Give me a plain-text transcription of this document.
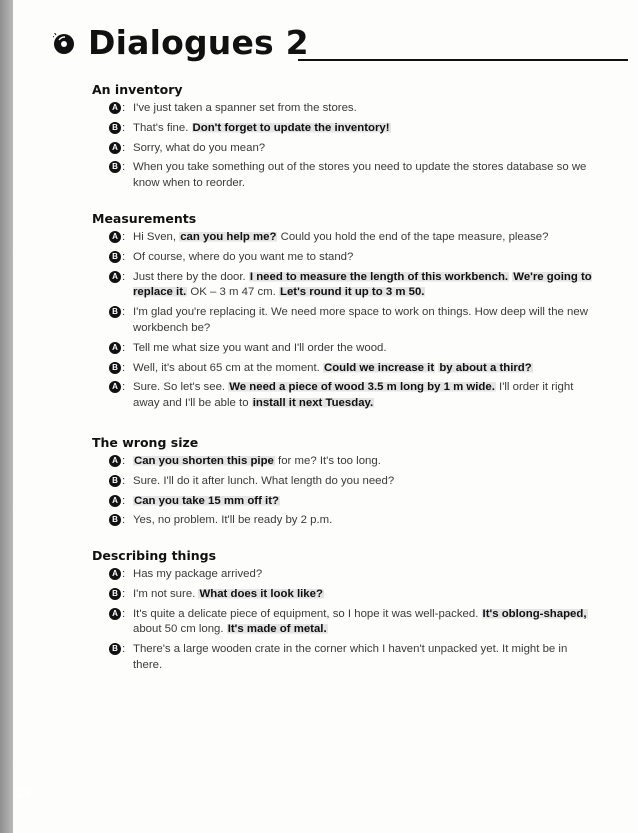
26
Dialogues 2
An inventory
A : I've just taken a spanner set from the stores.
B : That's fine. Don't forget to update the inventory!
A : Sorry, what do you mean?
B : When you take something out of the stores you need to update the stores database so we know when to reorder.
Measurements
A : Hi Sven, can you help me? Could you hold the end of the tape measure, please?
B : Of course, where do you want me to stand?
A : Just there by the door. I need to measure the length of this workbench. We're going to replace it. OK – 3 m 47 cm. Let's round it up to 3 m 50.
B : I'm glad you're replacing it. We need more space to work on things. How deep will the new workbench be?
A : Tell me what size you want and I'll order the wood.
B : Well, it's about 65 cm at the moment. Could we increase it by about a third?
A : Sure. So let's see. We need a piece of wood 3.5 m long by 1 m wide. I'll order it right away and I'll be able to install it next Tuesday.
The wrong size
A : Can you shorten this pipe for me? It's too long.
B : Sure. I'll do it after lunch. What length do you need?
A : Can you take 15 mm off it?
B : Yes, no problem. It'll be ready by 2 p.m.
Describing things
A : Has my package arrived?
B : I'm not sure. What does it look like?
A : It's quite a delicate piece of equipment, so I hope it was well-packed. It's oblong-shaped, about 50 cm long. It's made of metal.
B : There's a large wooden crate in the corner which I haven't unpacked yet. It might be in there.
